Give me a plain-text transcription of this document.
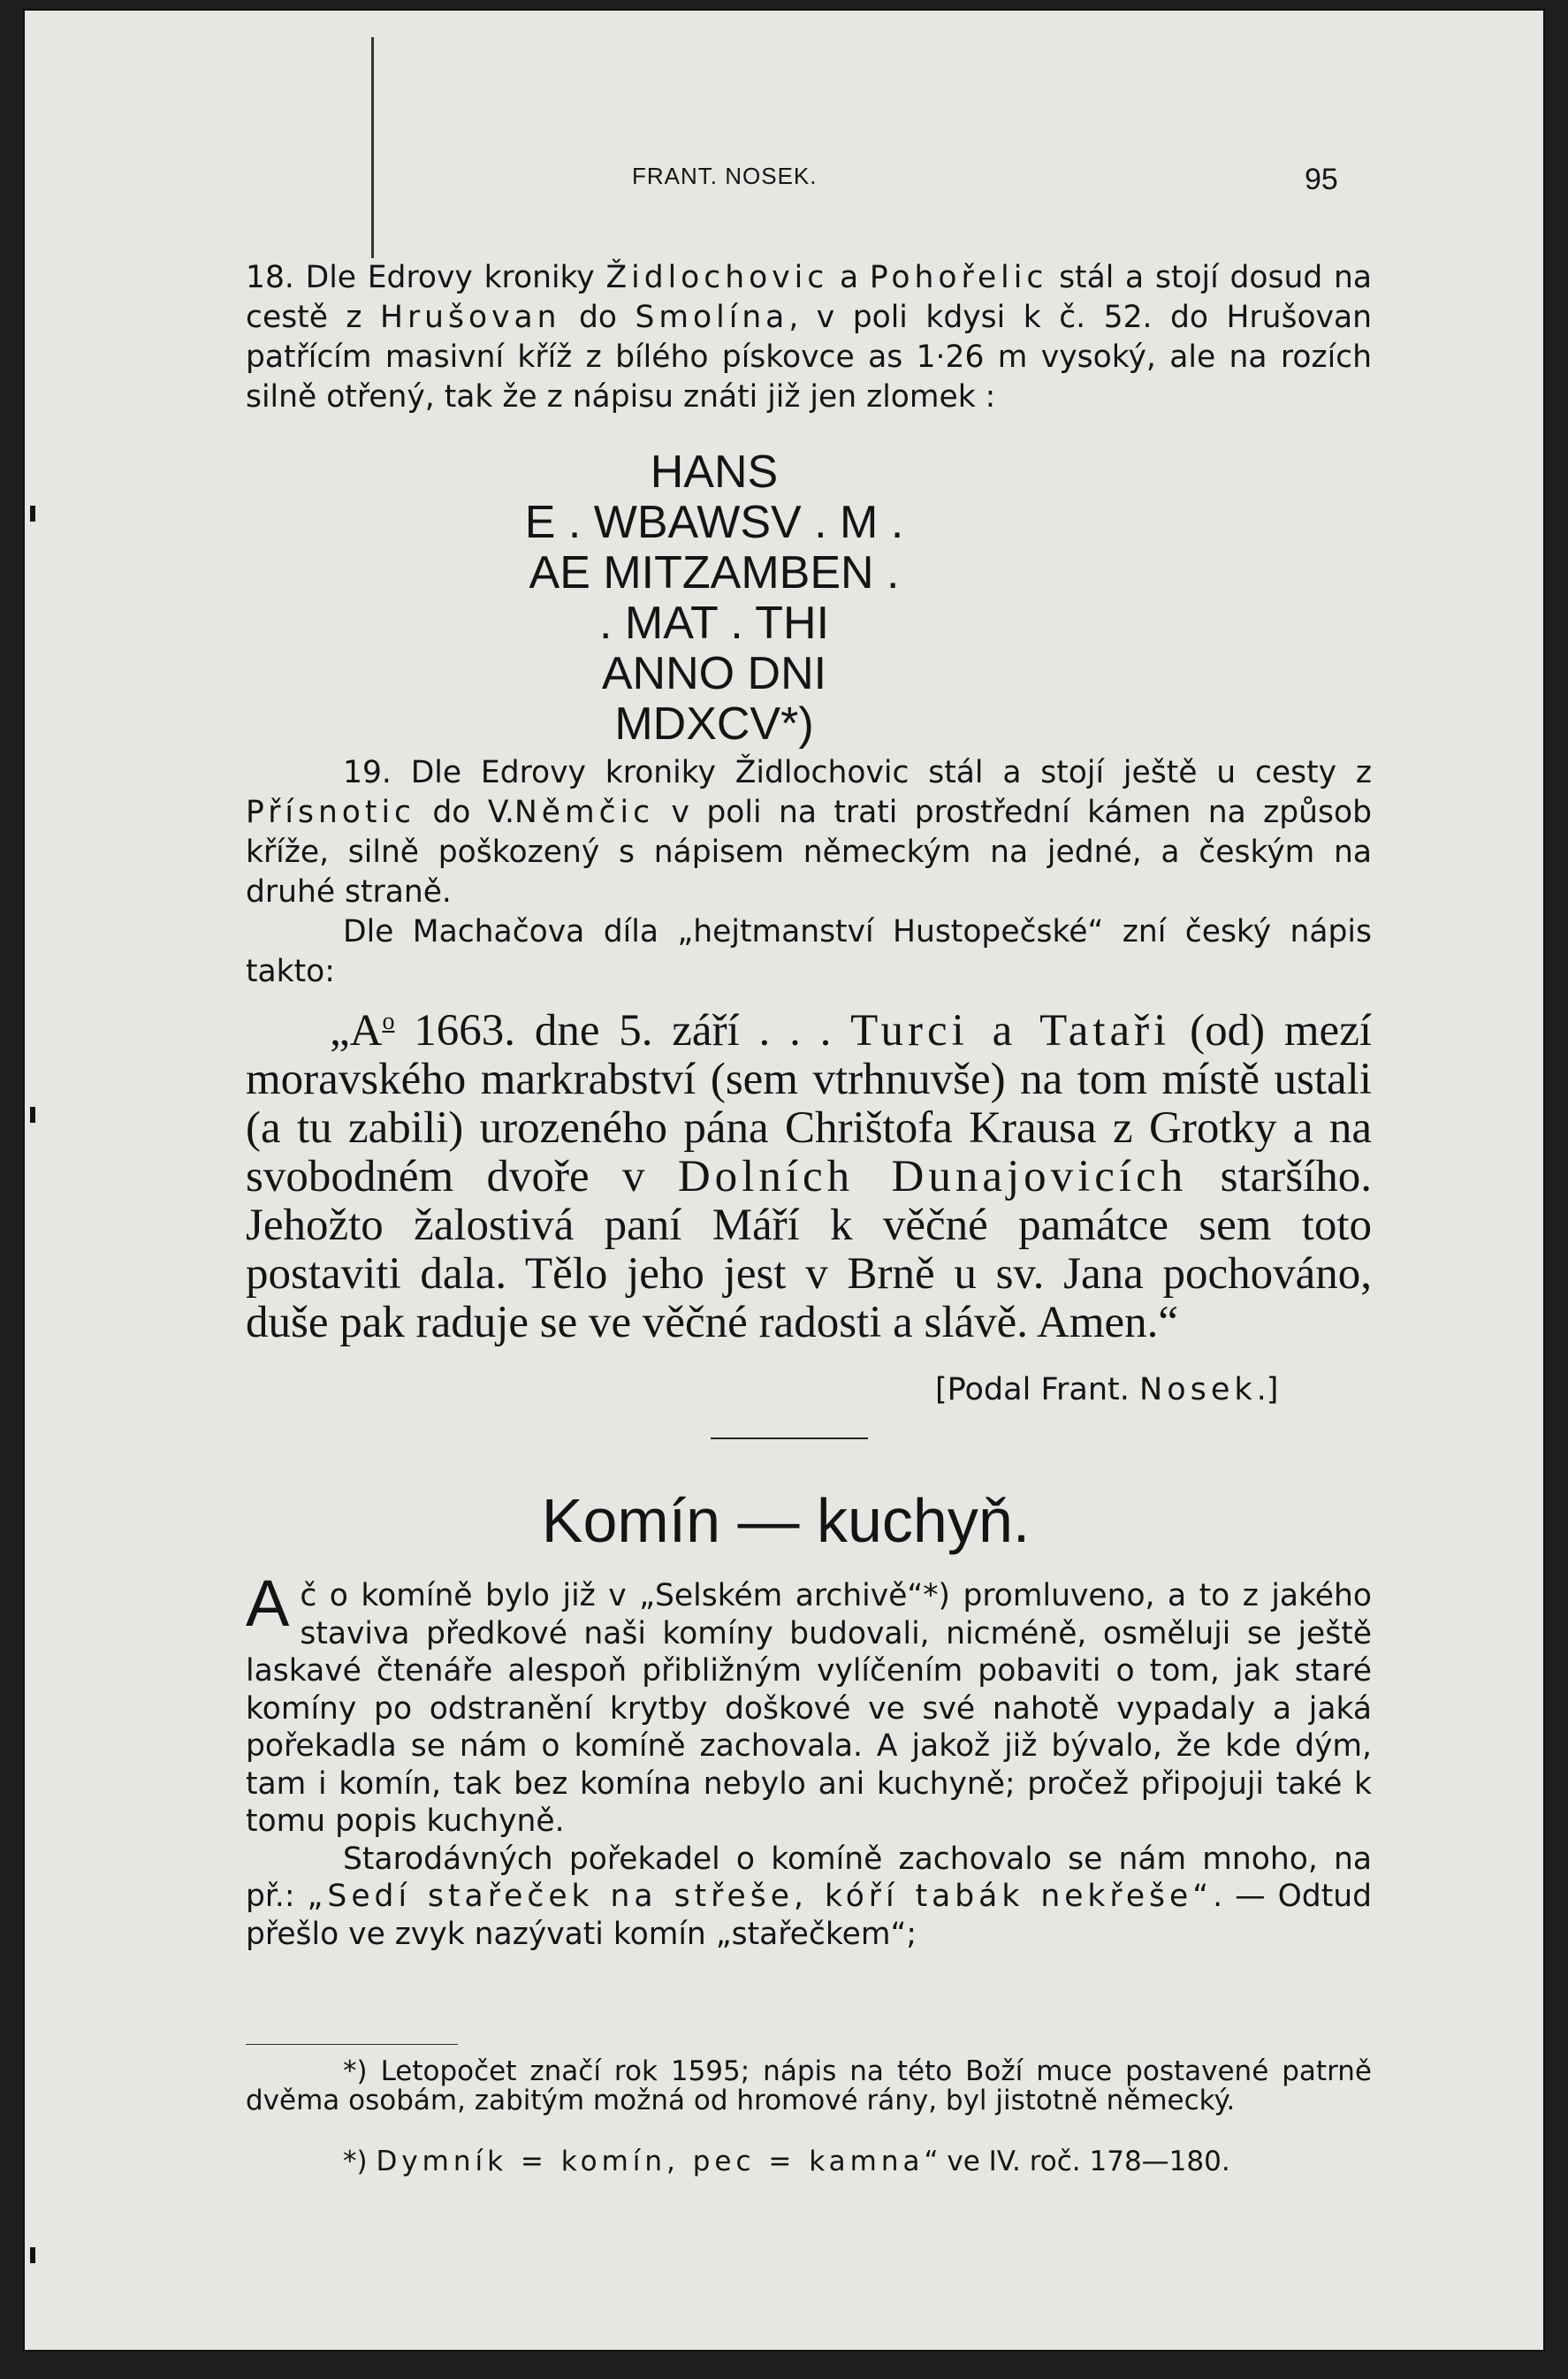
FRANT. NOSEK.	95

18. Dle Edrovy kroniky Židlochovic a Pohořelic stál a stojí dosud na cestě z Hrušovan do Smolína, v poli kdysi k č. 52. do Hrušovan patřícím masivní kříž z bílého pískovce as 1·26 m vysoký, ale na rozích silně otřený, tak že z nápisu znáti již jen zlomek :

HANS
E . WBAWSV . M .
AE MITZAMBEN .
. MAT . THI
ANNO DNI
MDXCV*)

19. Dle Edrovy kroniky Židlochovic stál a stojí ještě u cesty z Přísnotic do V.Němčic v poli na trati prostřední kámen na způsob kříže, silně poškozený s nápisem německým na jedné, a českým na druhé straně.

Dle Machačova díla „hejtmanství Hustopečské“ zní český nápis takto:

$„A^o$ 1663. dne 5. září . . . Turci a Tataři (od) mezí moravského markrabství (sem vtrhnuvše) na tom místě ustali (a tu zabili) urozeného pána Chrištofa Krausa z Grotky a na svobodném dvoře v Dolních Dunajovicích staršího. Jehožto žalostivá paní Máří k věčné památce sem toto postaviti dala. Tělo jeho jest v Brně u sv. Jana pochováno, duše pak raduje se ve věčné radosti a slávě. Amen.“

[Podal Frant. Nosek.]
Komín — kuchyň.

Ač o komíně bylo již v „Selském archivě“*) promluveno, a to z jakého staviva předkové naši komíny budovali, nicméně, osměluji se ještě laskavé čtenáře alespoň přibližným vylíčením pobaviti o tom, jak staré komíny po odstranění krytby doškové ve své nahotě vypadaly a jaká pořekadla se nám o komíně zachovala. A jakož již bývalo, že kde dým, tam i komín, tak bez komína nebylo ani kuchyně; pročež připojuji také k tomu popis kuchyně.

Starodávných pořekadel o komíně zachovalo se nám mnoho, na př.: „Sedí stařeček na střeše, kóří tabák nekřeše“. — Odtud přešlo ve zvyk nazývati komín „stařečkem“;

*) Letopočet značí rok 1595; nápis na této Boží muce postavené patrně dvěma osobám, zabitým možná od hromové rány, byl jistotně německý.

*) Dymník = komín, pec = kamna“ ve IV. roč. 178—180.
